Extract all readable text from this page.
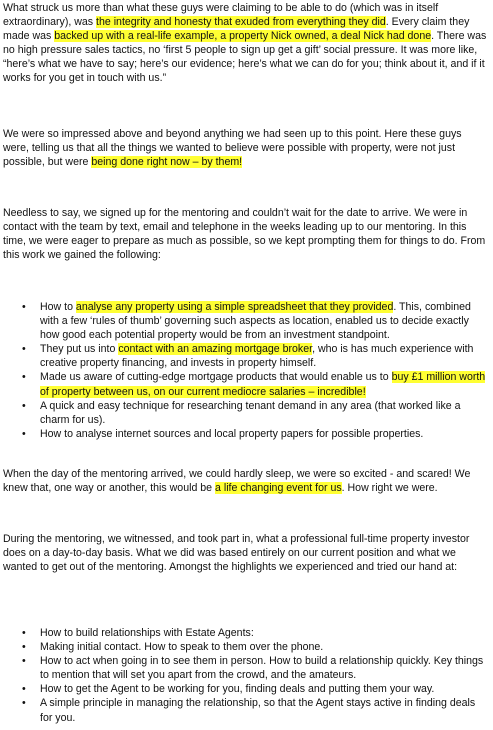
What struck us more than what these guys were claiming to be able to do (which was in itself extraordinary), was the integrity and honesty that exuded from everything they did. Every claim they made was backed up with a real-life example, a property Nick owned, a deal Nick had done. There was no high pressure sales tactics, no ‘first 5 people to sign up get a gift’ social pressure. It was more like, “here’s what we have to say; here’s our evidence; here’s what we can do for you; think about it, and if it works for you get in touch with us.”

We were so impressed above and beyond anything we had seen up to this point. Here these guys were, telling us that all the things we wanted to believe were possible with property, were not just possible, but were being done right now – by them!

Needless to say, we signed up for the mentoring and couldn’t wait for the date to arrive. We were in contact with the team by text, email and telephone in the weeks leading up to our mentoring. In this time, we were eager to prepare as much as possible, so we kept prompting them for things to do. From this work we gained the following:

• How to analyse any property using a simple spreadsheet that they provided. This, combined with a few ‘rules of thumb’ governing such aspects as location, enabled us to decide exactly how good each potential property would be from an investment standpoint.
• They put us into contact with an amazing mortgage broker, who is has much experience with creative property financing, and invests in property himself.
• Made us aware of cutting-edge mortgage products that would enable us to buy £1 million worth of property between us, on our current mediocre salaries – incredible!
• A quick and easy technique for researching tenant demand in any area (that worked like a charm for us).
• How to analyse internet sources and local property papers for possible properties.

When the day of the mentoring arrived, we could hardly sleep, we were so excited - and scared! We knew that, one way or another, this would be a life changing event for us. How right we were.

During the mentoring, we witnessed, and took part in, what a professional full-time property investor does on a day-to-day basis. What we did was based entirely on our current position and what we wanted to get out of the mentoring. Amongst the highlights we experienced and tried our hand at:

• How to build relationships with Estate Agents:
• Making initial contact. How to speak to them over the phone.
• How to act when going in to see them in person. How to build a relationship quickly. Key things to mention that will set you apart from the crowd, and the amateurs.
• How to get the Agent to be working for you, finding deals and putting them your way.
• A simple principle in managing the relationship, so that the Agent stays active in finding deals for you.
